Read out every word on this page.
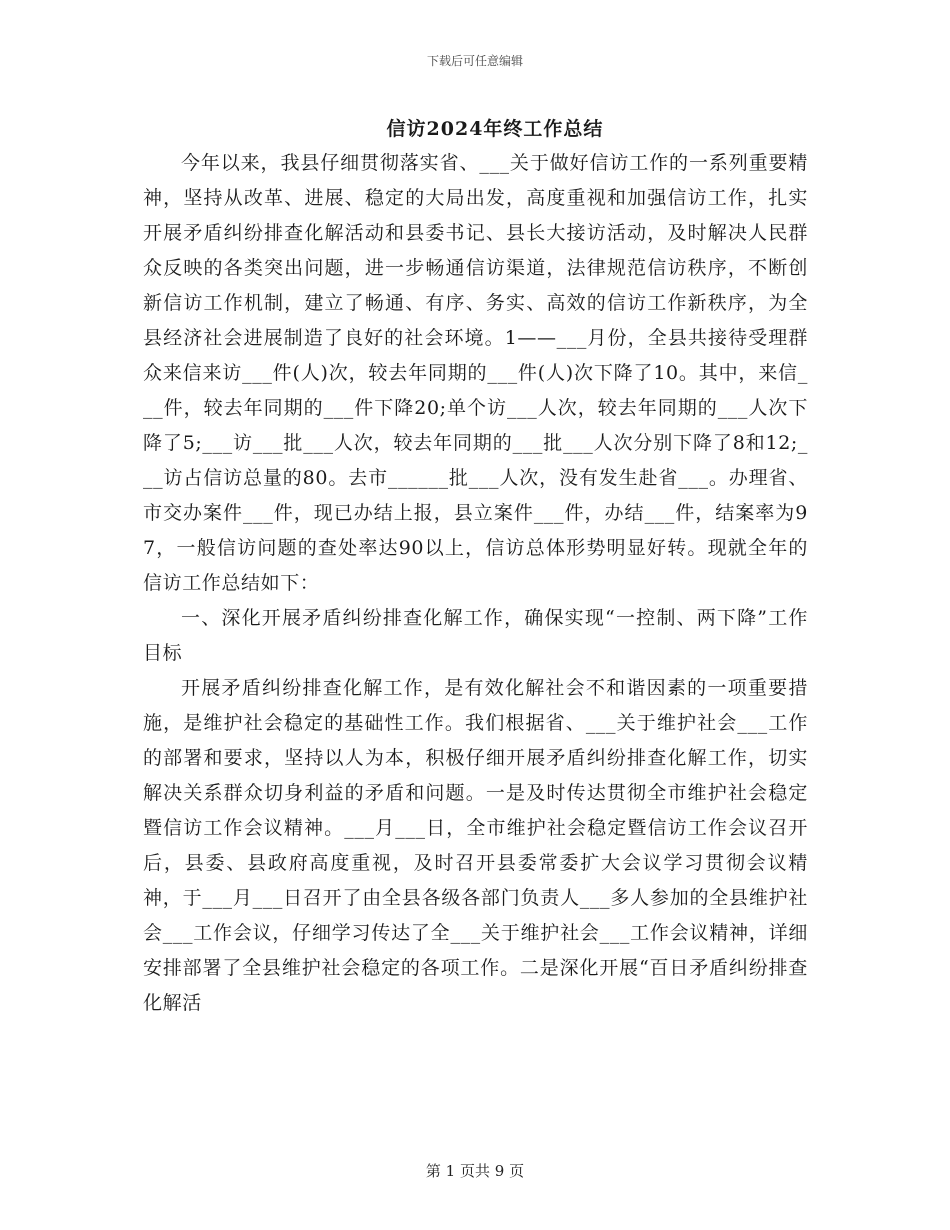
下载后可任意编辑
信访2024年终工作总结

今年以来，我县仔细贯彻落实省、___关于做好信访工作的一系列重要精神，坚持从改革、进展、稳定的大局出发，高度重视和加强信访工作，扎实开展矛盾纠纷排查化解活动和县委书记、县长大接访活动，及时解决人民群众反映的各类突出问题，进一步畅通信访渠道，法律规范信访秩序，不断创新信访工作机制，建立了畅通、有序、务实、高效的信访工作新秩序，为全县经济社会进展制造了良好的社会环境。1——___月份，全县共接待受理群众来信来访___件(人)次，较去年同期的___件(人)次下降了10。其中，来信___件，较去年同期的___件下降20;单个访___人次，较去年同期的___人次下降了5;___访___批___人次，较去年同期的___批___人次分别下降了8和12;___访占信访总量的80。去市______批___人次，没有发生赴省___。办理省、市交办案件___件，现已办结上报，县立案件___件，办结___件，结案率为97，一般信访问题的查处率达90以上，信访总体形势明显好转。现就全年的信访工作总结如下：

一、深化开展矛盾纠纷排查化解工作，确保实现“一控制、两下降”工作目标

开展矛盾纠纷排查化解工作，是有效化解社会不和谐因素的一项重要措施，是维护社会稳定的基础性工作。我们根据省、___关于维护社会___工作的部署和要求，坚持以人为本，积极仔细开展矛盾纠纷排查化解工作，切实解决关系群众切身利益的矛盾和问题。一是及时传达贯彻全市维护社会稳定暨信访工作会议精神。___月___日，全市维护社会稳定暨信访工作会议召开后，县委、县政府高度重视，及时召开县委常委扩大会议学习贯彻会议精神，于___月___日召开了由全县各级各部门负责人___多人参加的全县维护社会___工作会议，仔细学习传达了全___关于维护社会___工作会议精神，详细安排部署了全县维护社会稳定的各项工作。二是深化开展“百日矛盾纠纷排查化解活

第 1 页共 9 页
